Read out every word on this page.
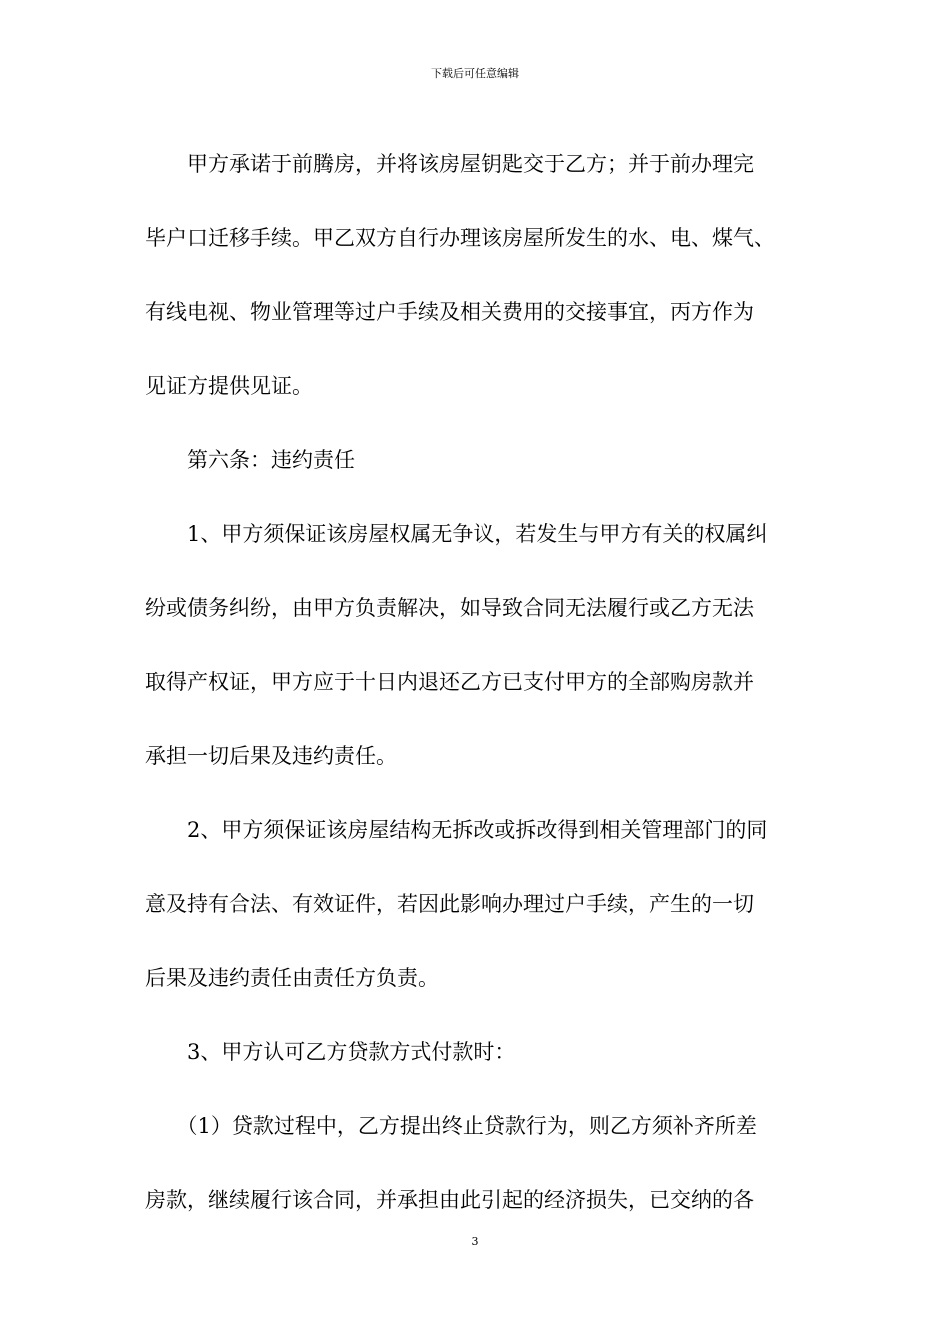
下载后可任意编辑
　　甲方承诺于前腾房，并将该房屋钥匙交于乙方；并于前办理完
毕户口迁移手续。甲乙双方自行办理该房屋所发生的水、电、煤气、
有线电视、物业管理等过户手续及相关费用的交接事宜，丙方作为
见证方提供见证。
　　第六条：违约责任
　　1、甲方须保证该房屋权属无争议，若发生与甲方有关的权属纠
纷或债务纠纷，由甲方负责解决，如导致合同无法履行或乙方无法
取得产权证，甲方应于十日内退还乙方已支付甲方的全部购房款并
承担一切后果及违约责任。
　　2、甲方须保证该房屋结构无拆改或拆改得到相关管理部门的同
意及持有合法、有效证件，若因此影响办理过户手续，产生的一切
后果及违约责任由责任方负责。
　　3、甲方认可乙方贷款方式付款时：
　　（1）贷款过程中，乙方提出终止贷款行为，则乙方须补齐所差
房款，继续履行该合同，并承担由此引起的经济损失，已交纳的各
3
